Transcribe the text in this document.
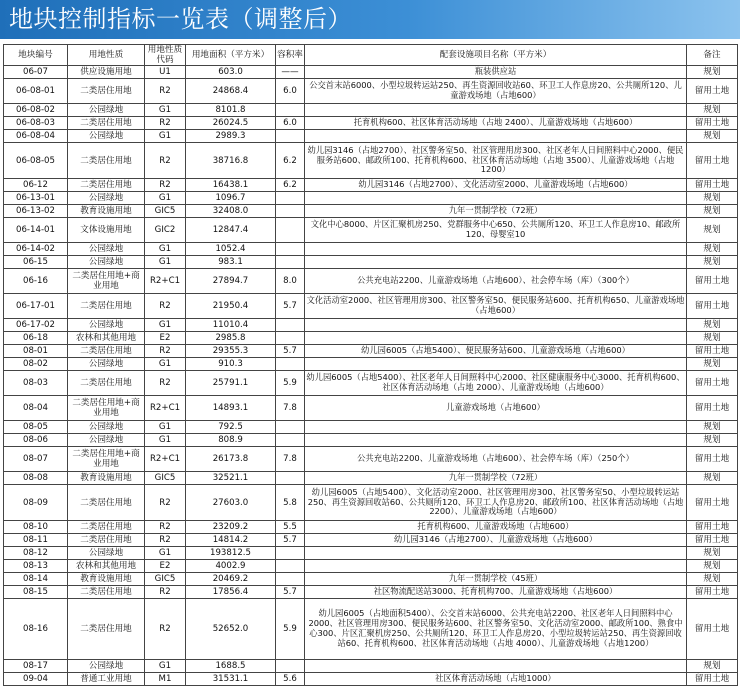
地块控制指标一览表（调整后）
地块编号	用地性质	用地性质代码	用地面积（平方米）	容积率	配套设施项目名称（平方米）	备注
06-07	供应设施用地	U1	603.0	——	瓶装供应站	规划
06-08-01	二类居住用地	R2	24868.4	6.0	公交首末站6000、小型垃圾转运站250、再生资源回收站60、环卫工人作息房20、公共厕所120、儿童游戏场地（占地600）	留用土地
06-08-02	公园绿地	G1	8101.8			规划
06-08-03	二类居住用地	R2	26024.5	6.0	托育机构600、社区体育活动场地（占地 2400）、儿童游戏场地（占地600）	留用土地
06-08-04	公园绿地	G1	2989.3			规划
06-08-05	二类居住用地	R2	38716.8	6.2	幼儿园3146（占地2700）、社区警务室50、社区管理用房300、社区老年人日间照料中心2000、便民服务站600、邮政所100、托育机构600、社区体育活动场地（占地 3500）、儿童游戏场地（占地1200）	留用土地
06-12	二类居住用地	R2	16438.1	6.2	幼儿园3146（占地2700）、文化活动室2000、儿童游戏场地（占地600）	留用土地
06-13-01	公园绿地	G1	1096.7			规划
06-13-02	教育设施用地	GIC5	32408.0		九年一贯制学校（72班）	规划
06-14-01	文体设施用地	GIC2	12847.4		文化中心8000、片区汇聚机房250、党群服务中心650、公共厕所120、环卫工人作息房10、邮政所120、母婴室10	规划
06-14-02	公园绿地	G1	1052.4			规划
06-15	公园绿地	G1	983.1			规划
06-16	二类居住用地+商业用地	R2+C1	27894.7	8.0	公共充电站2200、儿童游戏场地（占地600）、社会停车场（库）（300个）	留用土地
06-17-01	二类居住用地	R2	21950.4	5.7	文化活动室2000、社区管理用房300、社区警务室50、便民服务站600、托育机构650、儿童游戏场地（占地600）	留用土地
06-17-02	公园绿地	G1	11010.4			规划
06-18	农林和其他用地	E2	2985.8			规划
08-01	二类居住用地	R2	29355.3	5.7	幼儿园6005（占地5400）、便民服务站600、儿童游戏场地（占地600）	留用土地
08-02	公园绿地	G1	910.3			规划
08-03	二类居住用地	R2	25791.1	5.9	幼儿园6005（占地5400）、社区老年人日间照料中心2000、社区健康服务中心3000、托育机构600、社区体育活动场地（占地 2000）、儿童游戏场地（占地600）	留用土地
08-04	二类居住用地+商业用地	R2+C1	14893.1	7.8	儿童游戏场地（占地600）	留用土地
08-05	公园绿地	G1	792.5			规划
08-06	公园绿地	G1	808.9			规划
08-07	二类居住用地+商业用地	R2+C1	26173.8	7.8	公共充电站2200、儿童游戏场地（占地600）、社会停车场（库）（250个）	留用土地
08-08	教育设施用地	GIC5	32521.1		九年一贯制学校（72班）	规划
08-09	二类居住用地	R2	27603.0	5.8	幼儿园6005（占地5400）、文化活动室2000、社区管理用房300、社区警务室50、小型垃圾转运站250、再生资源回收站60、公共厕所120、环卫工人作息房20、邮政所100、社区体育活动场地（占地 2200）、儿童游戏场地（占地600）	留用土地
08-10	二类居住用地	R2	23209.2	5.5	托育机构600、儿童游戏场地（占地600）	留用土地
08-11	二类居住用地	R2	14814.2	5.7	幼儿园3146（占地2700）、儿童游戏场地（占地600）	留用土地
08-12	公园绿地	G1	193812.5			规划
08-13	农林和其他用地	E2	4002.9			规划
08-14	教育设施用地	GIC5	20469.2		九年一贯制学校（45班）	规划
08-15	二类居住用地	R2	17856.4	5.7	社区物流配送站3000、托育机构700、儿童游戏场地（占地600）	留用土地
08-16	二类居住用地	R2	52652.0	5.9	幼儿园6005（占地面积5400）、公交首末站6000、公共充电站2200、社区老年人日间照料中心2000、社区管理用房300、便民服务站600、社区警务室50、文化活动室2000、邮政所100、熟食中心300、片区汇聚机房250、公共厕所120、环卫工人作息房20、小型垃圾转运站250、再生资源回收站60、托育机构600、社区体育活动场地（占地 4000）、儿童游戏场地（占地1200）	留用土地
08-17	公园绿地	G1	1688.5			规划
09-04	普通工业用地	M1	31531.1	5.6	社区体育活动场地（占地1000）	留用土地
